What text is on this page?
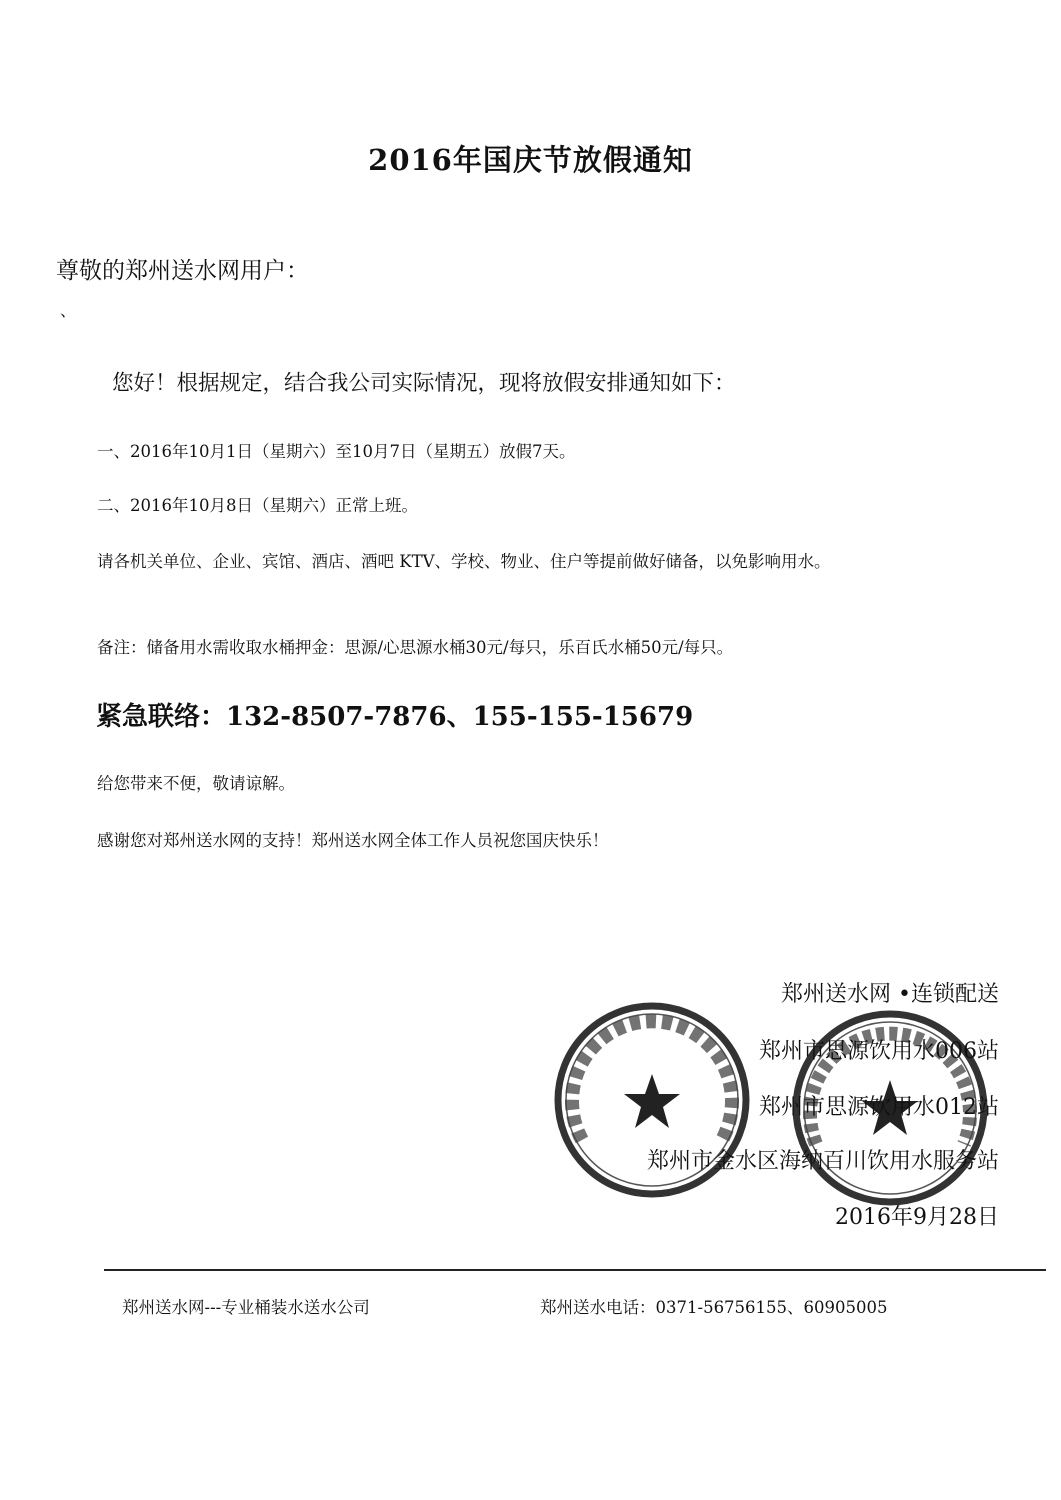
2016年国庆节放假通知
尊敬的郑州送水网用户：
、
您好！根据规定，结合我公司实际情况，现将放假安排通知如下：
一、2016年10月1日（星期六）至10月7日（星期五）放假7天。
二、2016年10月8日（星期六）正常上班。
请各机关单位、企业、宾馆、酒店、酒吧 KTV、学校、物业、住户等提前做好储备，以免影响用水。
备注：储备用水需收取水桶押金：思源/心思源水桶30元/每只，乐百氏水桶50元/每只。
紧急联络：132-8507-7876、155-155-15679
给您带来不便，敬请谅解。
感谢您对郑州送水网的支持！郑州送水网全体工作人员祝您国庆快乐！
郑州送水网 •连锁配送
郑州市思源饮用水006站
郑州市思源饮用水012站
郑州市金水区海纳百川饮用水服务站
2016年9月28日
郑州送水网---专业桶装水送水公司	郑州送水电话：0371-56756155、60905005
